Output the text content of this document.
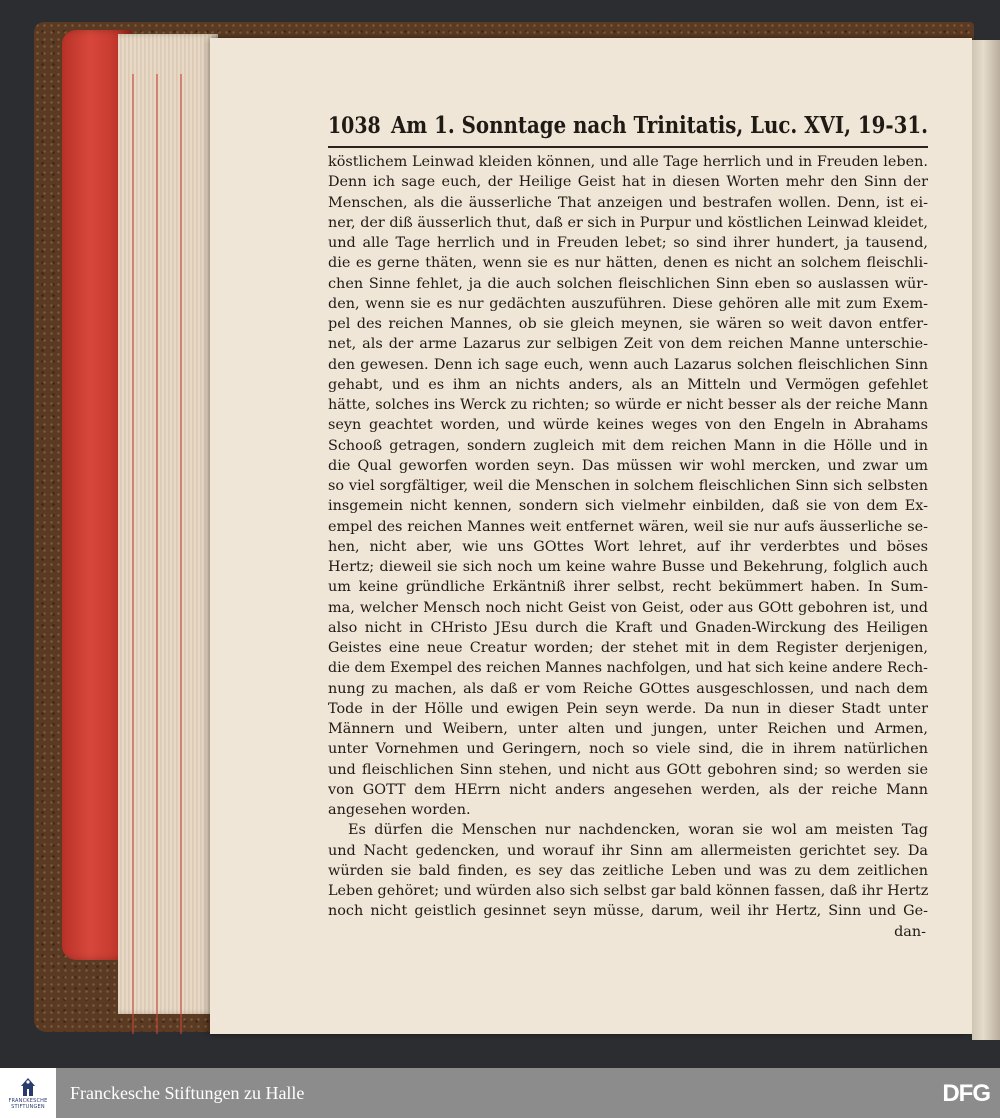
1038 Am 1. Sonntage nach Trinitatis, Luc. XVI, 19-31.
köstlichem Leinwad kleiden können, und alle Tage herrlich und in Freuden leben.
Denn ich sage euch, der Heilige Geist hat in diesen Worten mehr den Sinn der
Menschen, als die äusserliche That anzeigen und bestrafen wollen. Denn, ist ei-
ner, der diß äusserlich thut, daß er sich in Purpur und köstlichen Leinwad kleidet,
und alle Tage herrlich und in Freuden lebet; so sind ihrer hundert, ja tausend,
die es gerne thäten, wenn sie es nur hätten, denen es nicht an solchem fleischli-
chen Sinne fehlet, ja die auch solchen fleischlichen Sinn eben so auslassen wür-
den, wenn sie es nur gedächten auszuführen. Diese gehören alle mit zum Exem-
pel des reichen Mannes, ob sie gleich meynen, sie wären so weit davon entfer-
net, als der arme Lazarus zur selbigen Zeit von dem reichen Manne unterschie-
den gewesen. Denn ich sage euch, wenn auch Lazarus solchen fleischlichen Sinn
gehabt, und es ihm an nichts anders, als an Mitteln und Vermögen gefehlet
hätte, solches ins Werck zu richten; so würde er nicht besser als der reiche Mann
seyn geachtet worden, und würde keines weges von den Engeln in Abrahams
Schooß getragen, sondern zugleich mit dem reichen Mann in die Hölle und in
die Qual geworfen worden seyn. Das müssen wir wohl mercken, und zwar um
so viel sorgfältiger, weil die Menschen in solchem fleischlichen Sinn sich selbsten
insgemein nicht kennen, sondern sich vielmehr einbilden, daß sie von dem Ex-
empel des reichen Mannes weit entfernet wären, weil sie nur aufs äusserliche se-
hen, nicht aber, wie uns GOttes Wort lehret, auf ihr verderbtes und böses
Hertz; dieweil sie sich noch um keine wahre Busse und Bekehrung, folglich auch
um keine gründliche Erkäntniß ihrer selbst, recht bekümmert haben. In Sum-
ma, welcher Mensch noch nicht Geist von Geist, oder aus GOtt gebohren ist, und
also nicht in CHristo JEsu durch die Kraft und Gnaden-Wirckung des Heiligen
Geistes eine neue Creatur worden; der stehet mit in dem Register derjenigen,
die dem Exempel des reichen Mannes nachfolgen, und hat sich keine andere Rech-
nung zu machen, als daß er vom Reiche GOttes ausgeschlossen, und nach dem
Tode in der Hölle und ewigen Pein seyn werde. Da nun in dieser Stadt unter
Männern und Weibern, unter alten und jungen, unter Reichen und Armen,
unter Vornehmen und Geringern, noch so viele sind, die in ihrem natürlichen
und fleischlichen Sinn stehen, und nicht aus GOtt gebohren sind; so werden sie
von GOTT dem HErrn nicht anders angesehen werden, als der reiche Mann
angesehen worden.
Es dürfen die Menschen nur nachdencken, woran sie wol am meisten Tag
und Nacht gedencken, und worauf ihr Sinn am allermeisten gerichtet sey. Da
würden sie bald finden, es sey das zeitliche Leben und was zu dem zeitlichen
Leben gehöret; und würden also sich selbst gar bald können fassen, daß ihr Hertz
noch nicht geistlich gesinnet seyn müsse, darum, weil ihr Hertz, Sinn und Ge-
dan-
FRANCKESCHE
STIFTUNGEN
Franckesche Stiftungen zu Halle	DFG
